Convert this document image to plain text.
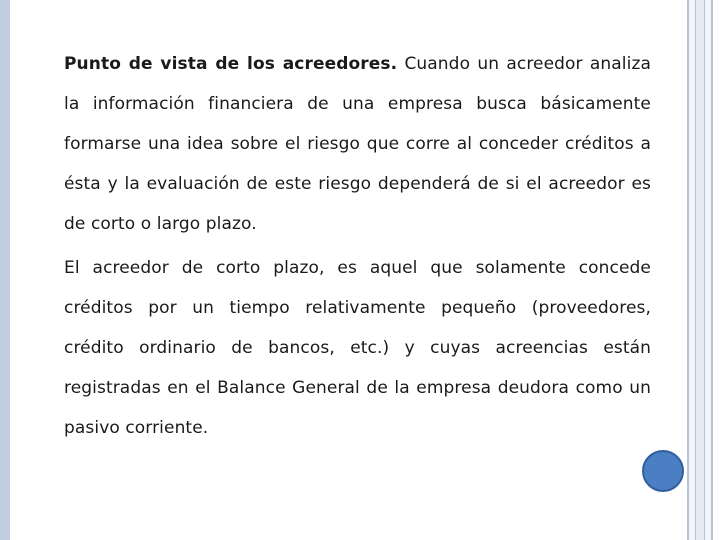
Punto de vista de los acreedores. Cuando un acreedor analiza la información financiera de una empresa busca básicamente formarse una idea sobre el riesgo que corre al conceder créditos a ésta y la evaluación de este riesgo dependerá de si el acreedor es de corto o largo plazo.

El acreedor de corto plazo, es aquel que solamente concede créditos por un tiempo relativamente pequeño (proveedores, crédito ordinario de bancos, etc.) y cuyas acreencias están registradas en el Balance General de la empresa deudora como un pasivo corriente.
